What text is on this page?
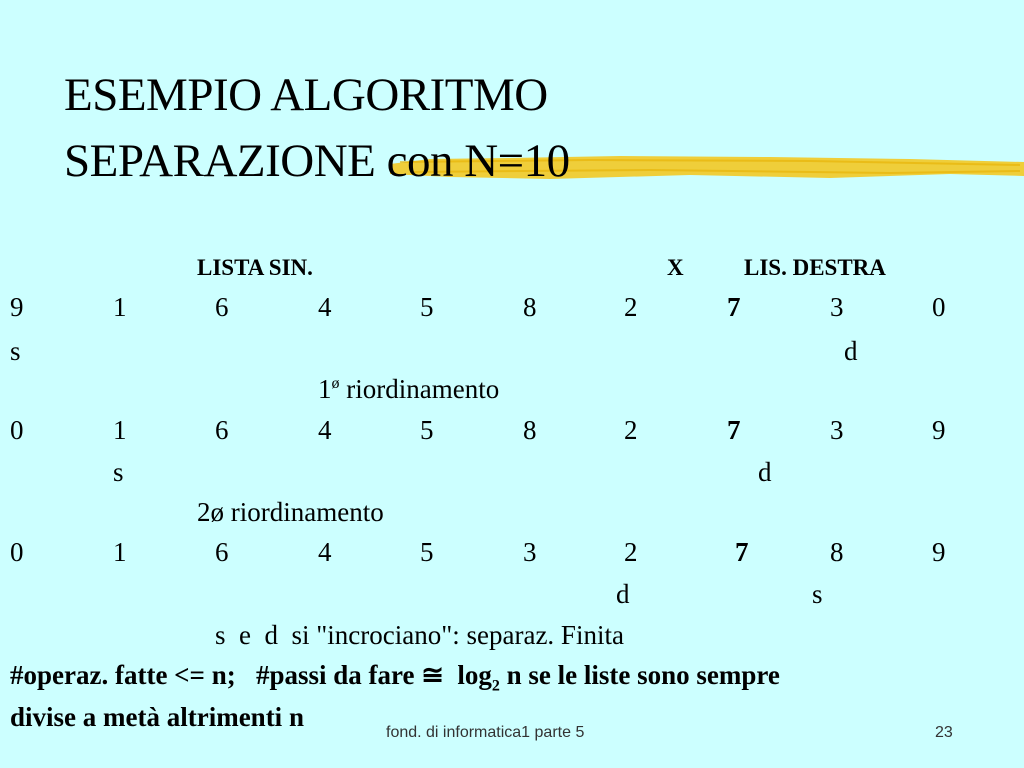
ESEMPIO ALGORITMO
SEPARAZIONE con N=10
LISTA SIN.	X	LIS. DESTRA
9	1	6	4	5	8	2	7	3	0
s	d
$1^ø$ riordinamento
0	1	6	4	5	8	2	7	3	9
s	d
2ø riordinamento
0	1	6	4	5	3	2	7	8	9
d	s
s  e  d  si "incrociano": separaz. Finita
#operaz. fatte <= n;   #passi da fare ≅  $\log_2 n$ se le liste sono sempre
divise a metà altrimenti n
fond. di informatica1 parte 5	23
